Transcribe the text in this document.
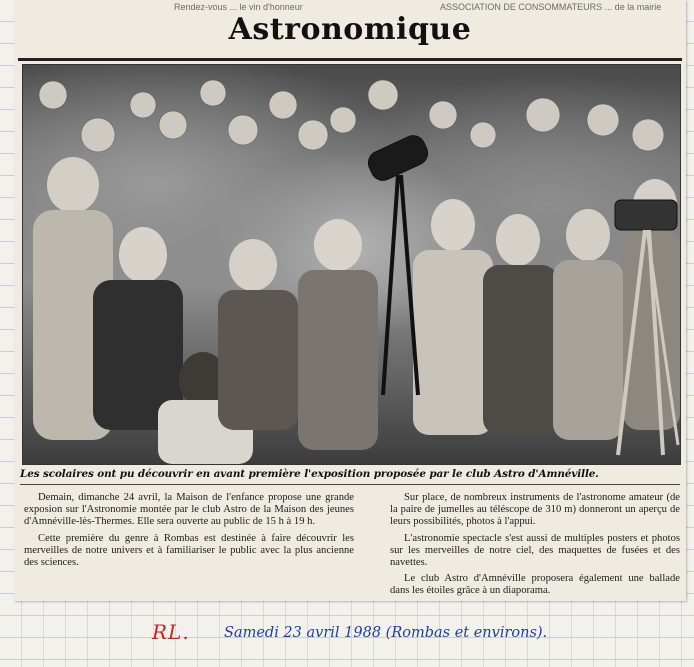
Rendez-vous ... le vin d'honneur	ASSOCIATION DE CONSOMMATEURS ... de la mairie
Astronomique
Les scolaires ont pu découvrir en avant première l'exposition proposée par le club Astro d'Amnéville.

Demain, dimanche 24 avril, la Maison de l'enfance propose une grande exposion sur l'Astronomie montée par le club Astro de la Maison des jeunes d'Amnéville-lès-Thermes. Elle sera ouverte au public de 15 h à 19 h.

Cette première du genre à Rombas est destinée à faire découvrir les merveilles de notre univers et à familiariser le public avec la plus ancienne des sciences.

Sur place, de nombreux instruments de l'astronome amateur (de la paire de jumelles au téléscope de 310 m) donneront un aperçu de leurs possibilités, photos à l'appui.

L'astronomie spectacle s'est aussi de multiples posters et photos sur les merveilles de notre ciel, des maquettes de fusées et des navettes.

Le club Astro d'Amnéville proposera également une ballade dans les étoiles grâce à un diaporama.

RL. Samedi 23 avril 1988 (Rombas et environs).
